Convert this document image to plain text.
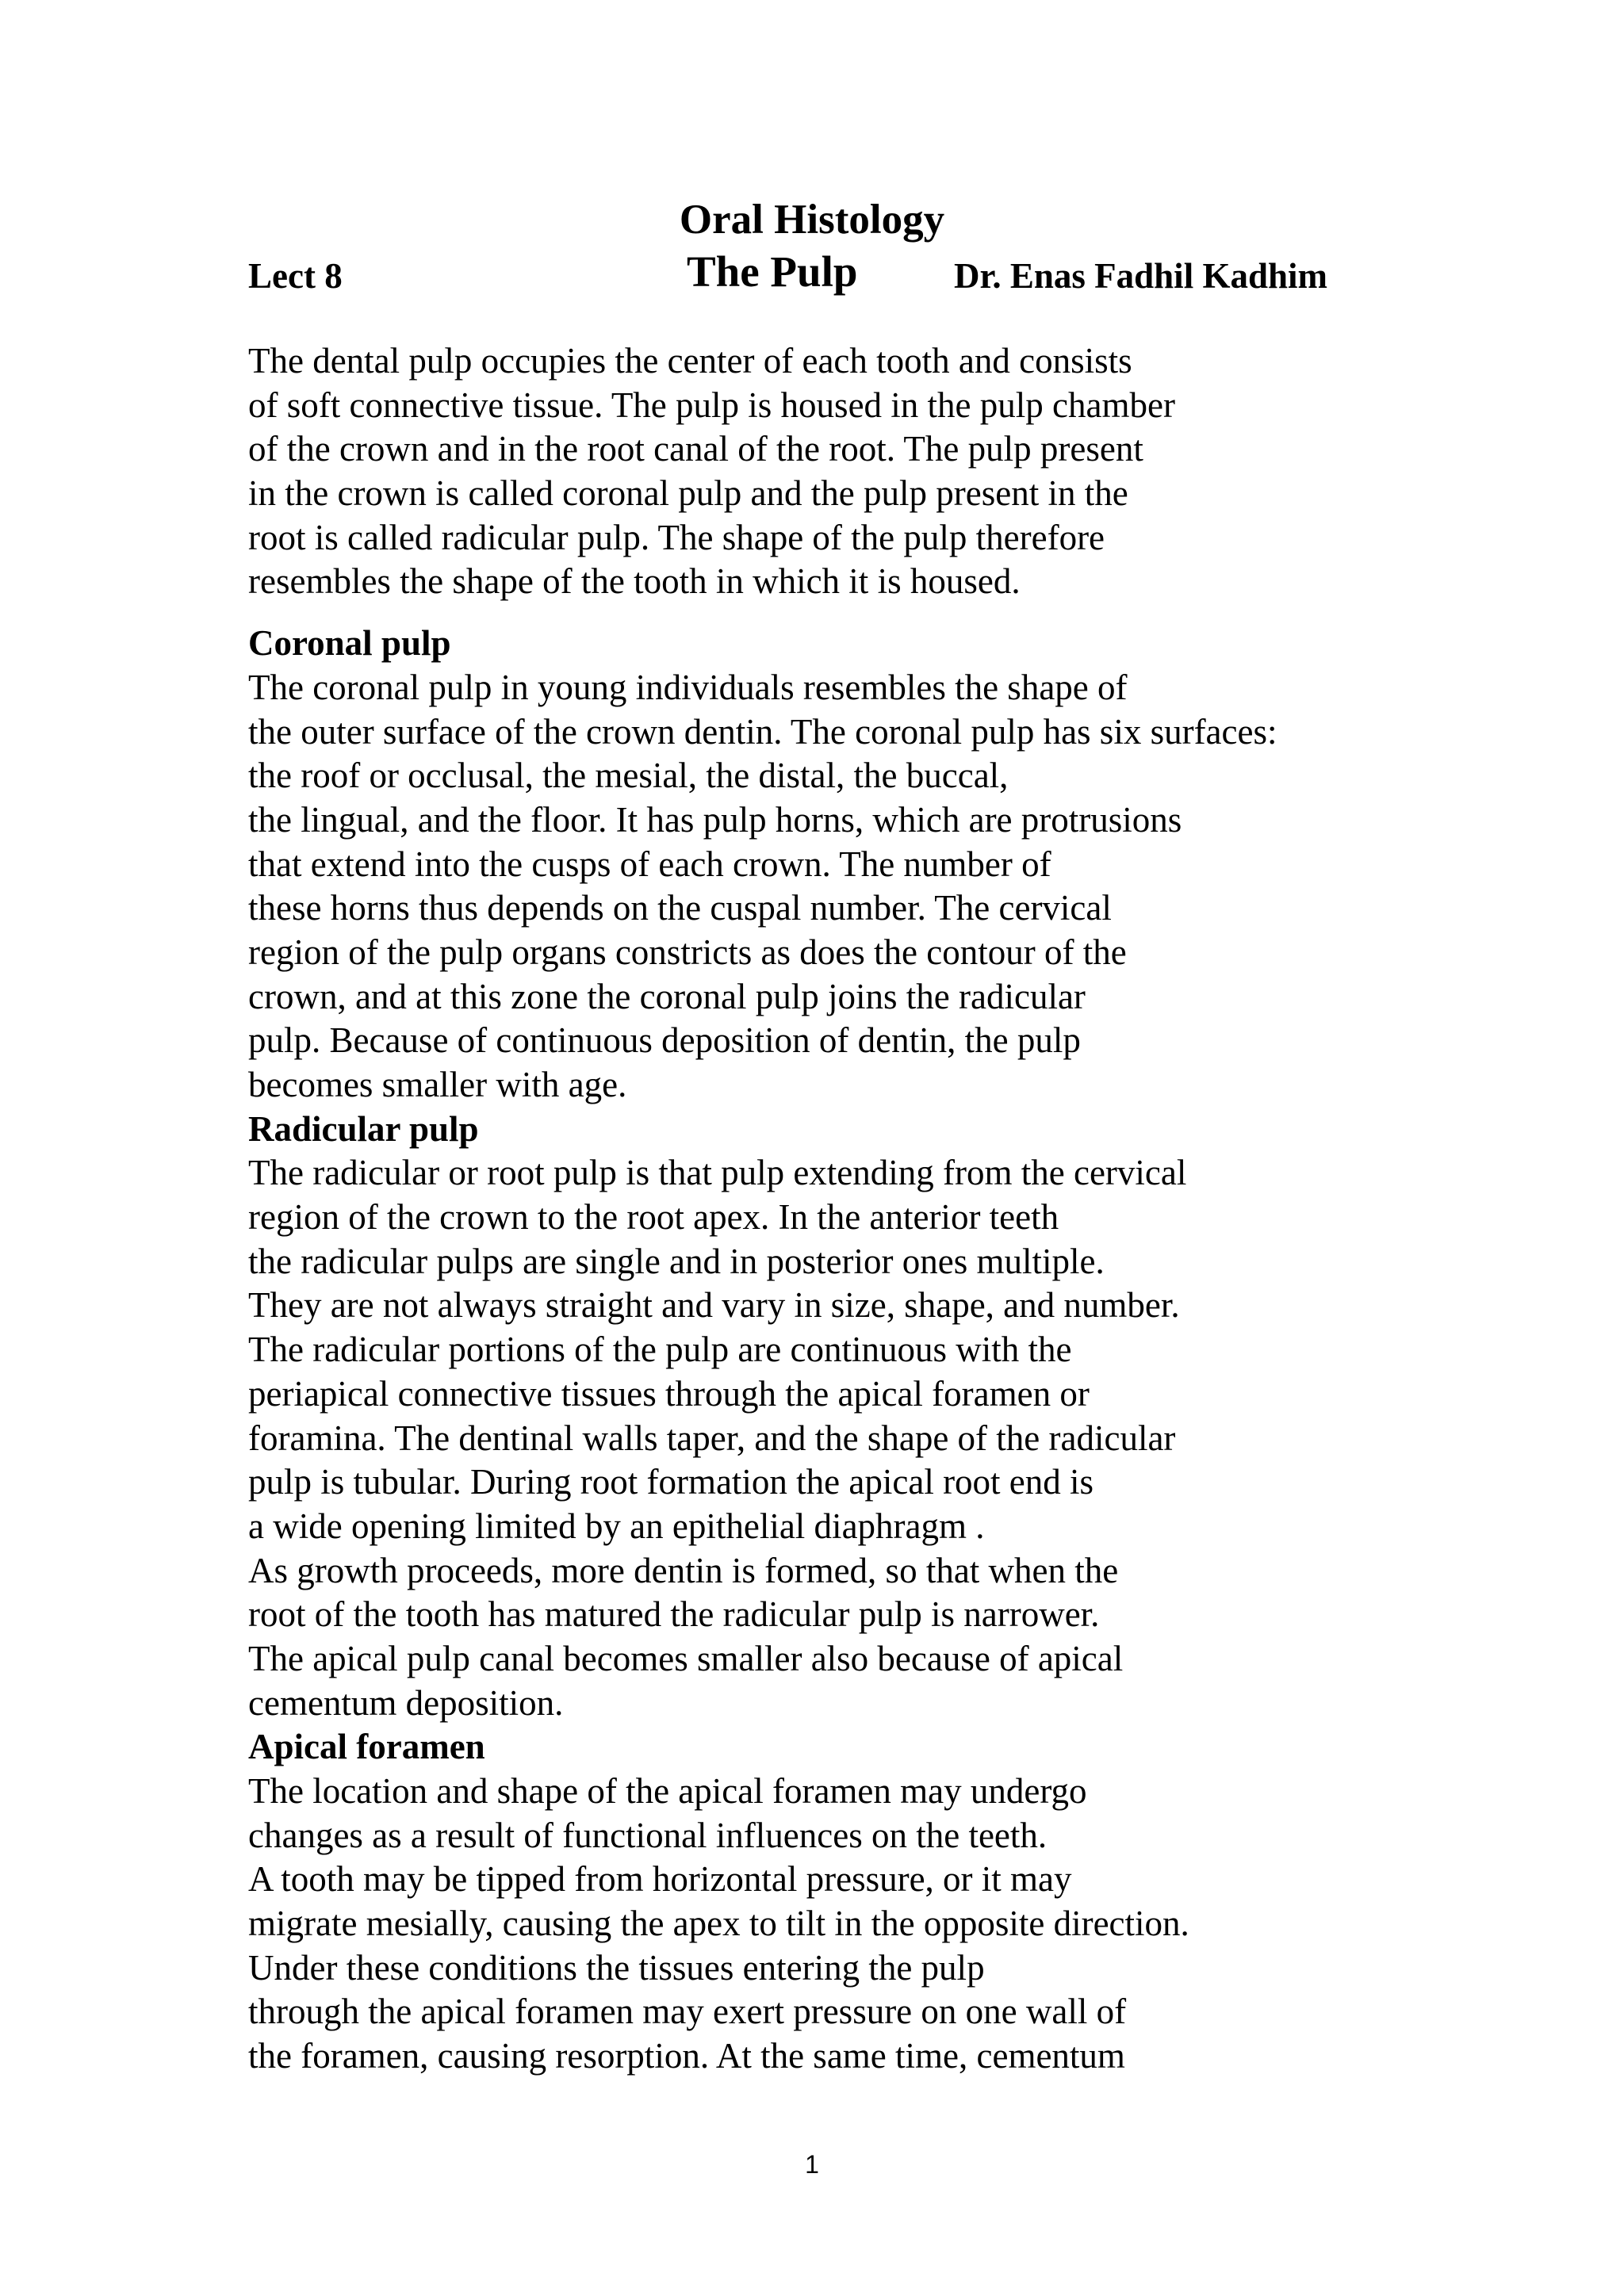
Oral Histology
Lect 8	The Pulp	Dr. Enas Fadhil Kadhim
The dental pulp occupies the center of each tooth and consists
of soft connective tissue. The pulp is housed in the pulp chamber
of the crown and in the root canal of the root. The pulp present
in the crown is called coronal pulp and the pulp present in the
root is called radicular pulp. The shape of the pulp therefore
resembles the shape of the tooth in which it is housed.
Coronal pulp
The coronal pulp in young individuals resembles the shape of
the outer surface of the crown dentin. The coronal pulp has six surfaces:
the roof or occlusal, the mesial, the distal, the buccal,
the lingual, and the floor. It has pulp horns, which are protrusions
that extend into the cusps of each crown. The number of
these horns thus depends on the cuspal number. The cervical
region of the pulp organs constricts as does the contour of the
crown, and at this zone the coronal pulp joins the radicular
pulp. Because of continuous deposition of dentin, the pulp
becomes smaller with age.
Radicular pulp
The radicular or root pulp is that pulp extending from the cervical
region of the crown to the root apex. In the anterior teeth
the radicular pulps are single and in posterior ones multiple.
They are not always straight and vary in size, shape, and number.
The radicular portions of the pulp are continuous with the
periapical connective tissues through the apical foramen or
foramina. The dentinal walls taper, and the shape of the radicular
pulp is tubular. During root formation the apical root end is
a wide opening limited by an epithelial diaphragm .
As growth proceeds, more dentin is formed, so that when the
root of the tooth has matured the radicular pulp is narrower.
The apical pulp canal becomes smaller also because of apical
cementum deposition.
Apical foramen
The location and shape of the apical foramen may undergo
changes as a result of functional influences on the teeth.
A tooth may be tipped from horizontal pressure, or it may
migrate mesially, causing the apex to tilt in the opposite direction.
Under these conditions the tissues entering the pulp
through the apical foramen may exert pressure on one wall of
the foramen, causing resorption. At the same time, cementum
1
